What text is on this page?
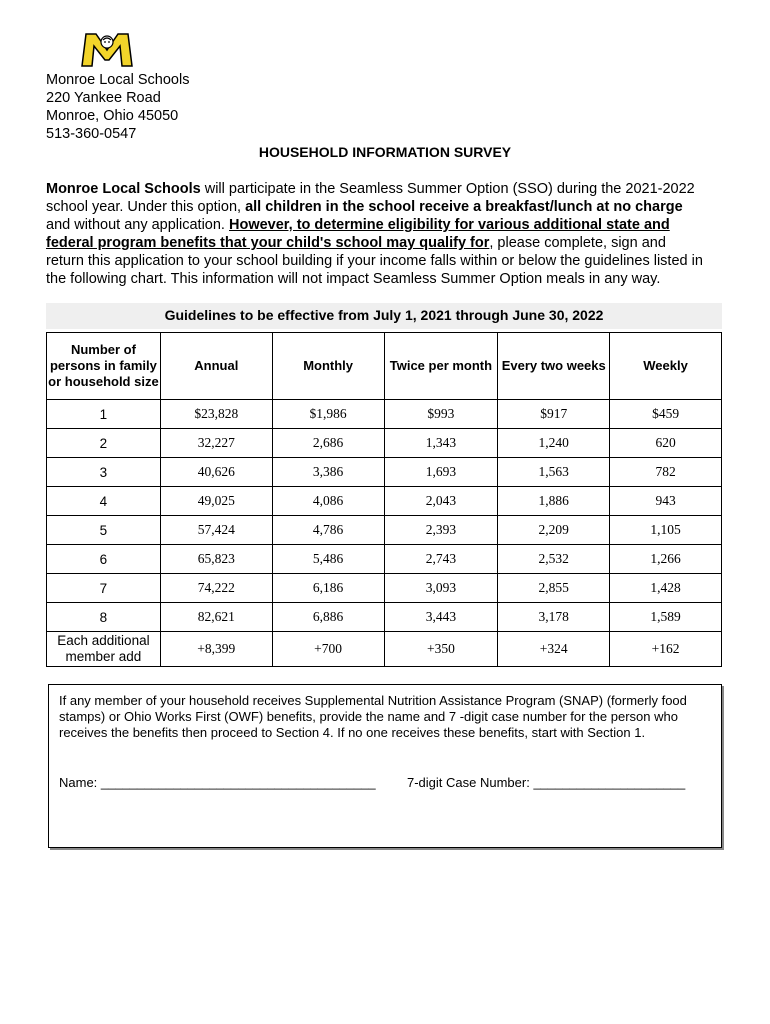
Monroe Local Schools
220 Yankee Road
Monroe, Ohio 45050
513-360-0547
HOUSEHOLD INFORMATION SURVEY
Monroe Local Schools will participate in the Seamless Summer Option (SSO) during the 2021-2022 school year. Under this option, all children in the school receive a breakfast/lunch at no charge and without any application. However, to determine eligibility for various additional state and federal program benefits that your child's school may qualify for, please complete, sign and return this application to your school building if your income falls within or below the guidelines listed in the following chart. This information will not impact Seamless Summer Option meals in any way.
Guidelines to be effective from July 1, 2021 through June 30, 2022
Number of persons in family or household size	Annual	Monthly	Twice per month	Every two weeks	Weekly
1	$23,828	$1,986	$993	$917	$459
2	32,227	2,686	1,343	1,240	620
3	40,626	3,386	1,693	1,563	782
4	49,025	4,086	2,043	1,886	943
5	57,424	4,786	2,393	2,209	1,105
6	65,823	5,486	2,743	2,532	1,266
7	74,222	6,186	3,093	2,855	1,428
8	82,621	6,886	3,443	3,178	1,589
Each additional member add	+8,399	+700	+350	+324	+162

If any member of your household receives Supplemental Nutrition Assistance Program (SNAP) (formerly food stamps) or Ohio Works First (OWF) benefits, provide the name and 7 -digit case number for the person who receives the benefits then proceed to Section 4. If no one receives these benefits, start with Section 1.

Name: ______________________________________ 7-digit Case Number: _____________________
